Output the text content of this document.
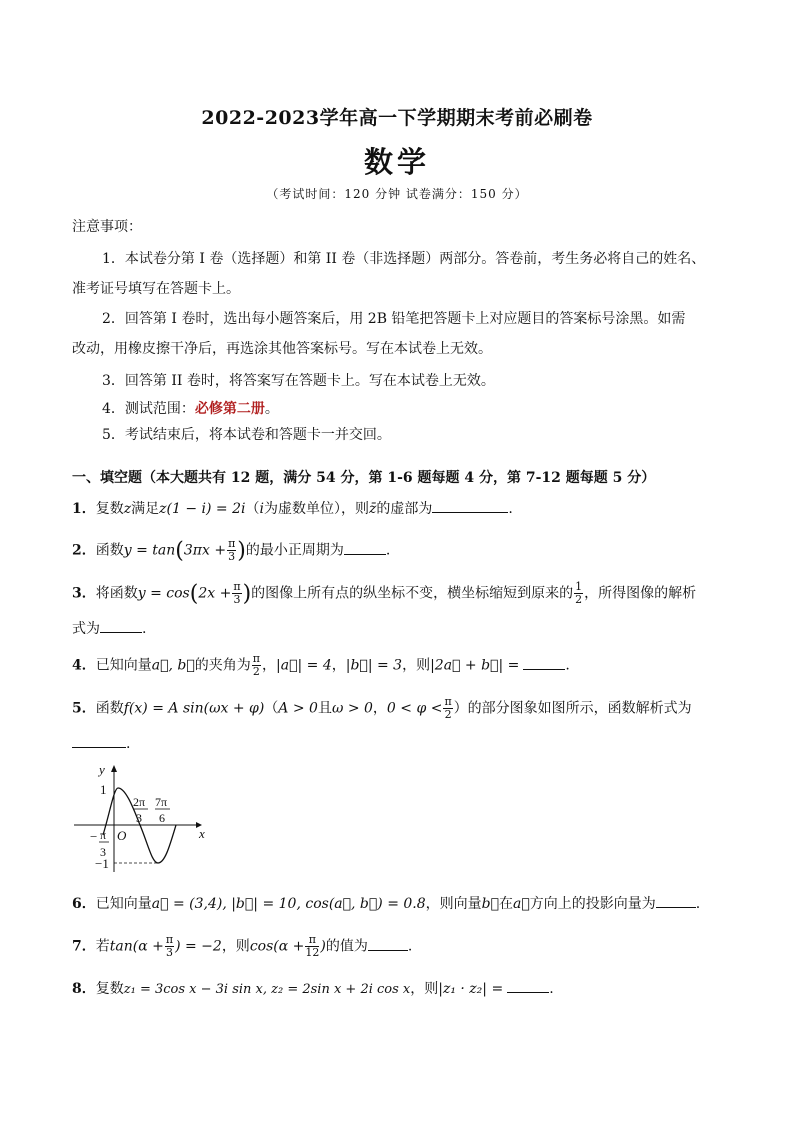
2022-2023学年高一下学期期末考前必刷卷
数学
（考试时间：120 分钟 试卷满分：150 分）
注意事项：
1．本试卷分第 I 卷（选择题）和第 II 卷（非选择题）两部分。答卷前，考生务必将自己的姓名、
准考证号填写在答题卡上。
2．回答第 I 卷时，选出每小题答案后，用 2B 铅笔把答题卡上对应题目的答案标号涂黑。如需
改动，用橡皮擦干净后，再选涂其他答案标号。写在本试卷上无效。
3．回答第 II 卷时，将答案写在答题卡上。写在本试卷上无效。
4．测试范围：必修第二册。
5．考试结束后，将本试卷和答题卡一并交回。
一、填空题（本大题共有 12 题，满分 54 分，第 1-6 题每题 4 分，第 7-12 题每题 5 分）
1．复数z满足z(1 − i) = 2i（i为虚数单位），则z̄的虚部为	.
2．函数$y = \tan(3\pi x + \frac{\pi}{3}$ )的最小正周期为	.
3．将函数$y = \cos(2x + \frac{\pi}{3}$ )的图像上所有点的纵坐标不变，横坐标缩短到原来的 $\frac{1}{2}$ ，所得图像的解析
式为	.
4．已知向量a⃗, b⃗的夹角为 $\frac{\pi}{2}$ ，|a⃗| = 4，|b⃗| = 3，则|2a⃗ + b⃗| =	.
5．函数f(x) = A sin(ωx + φ)（A > 0且ω > 0，$0 < \varphi < \frac{\pi}{2}$ ）的部分图象如图所示，函数解析式为
.
x
y
O
1
−1
− π
3
2π
3
7π
6
6．已知向量a⃗ = (3,4), |b⃗| = 10, cos(a⃗, b⃗) = 0.8，则向量b⃗在a⃗方向上的投影向量为	.
7．若$\tan(\alpha + \frac{\pi}{3}$ ) = −2，则$\cos(\alpha + \frac{\pi}{12}$ )的值为	.
8．复数z₁ = 3cos x − 3i sin x, z₂ = 2sin x + 2i cos x，则|z₁ · z₂| =	.
